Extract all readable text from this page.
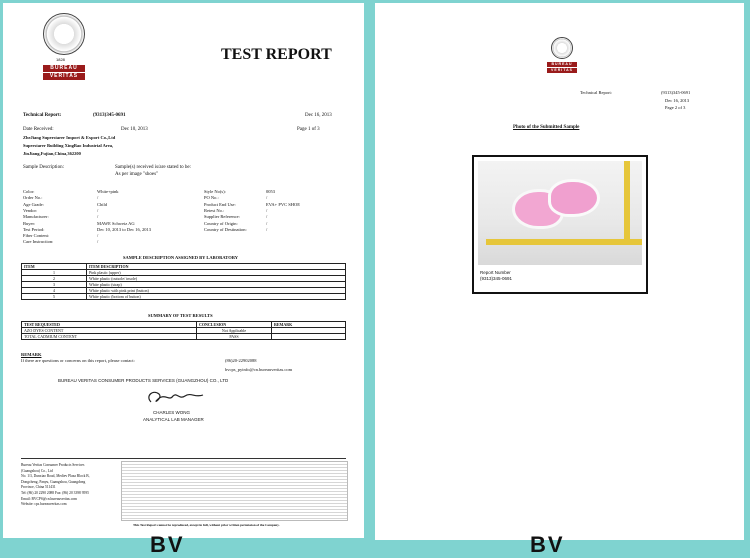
1828
BUREAU
VERITAS
TEST REPORT
Technical Report:	(9313)345-0691	Dec 16, 2013
Date Received:	Dec 10, 2013	Page 1 of 3
ZheJiang Superstarer Import & Export Co.,Ltd
Superstarer Building XingBao Industrial Area,
JinJiang,Fujian,China,362200
Sample Description:	Sample(s) received is/are stated to be:
As per image "shoes"
Color:	White+pink
Order No.:	/
Age Grade:	Child
Vendor:	/
Manufacturer:	/
Buyer:	MAWE Schweiz AG
Test Period:	Dec 10, 2013 to Dec 16, 2013
Fiber Content:	/
Care Instruction:	/
Style No(s):	0053
PO No.:	/
Product End Use:	EVA+ PVC SHOE
Retest No.:	/
Supplier Reference:	/
Country of Origin:	/
Country of Destination:	/
SAMPLE DESCRIPTION ASSIGNED BY LABORATORY
ITEM	ITEM DESCRIPTION
1	Pink plastic (upper)
2	White plastic (outsole/ insole)
3	White plastic (strap)
4	White plastic with pink print (button)
5	White plastic (bottom of button)
SUMMARY OF TEST RESULTS
TEST REQUESTED	CONCLUSION	REMARK
AZO DYES CONTENT	Not Applicable	
TOTAL CADMIUM CONTENT	PASS	
REMARK
If there are questions or concerns on this report, please contact:	(86)20-22902088
bvcps_pyinfo@cn.bureauveritas.com
BUREAU VERITAS CONSUMER PRODUCTS SERVICES (GUANGZHOU) CO., LTD
CHARLES WONG
ANALYTICAL LAB MANAGER
Bureau Veritas Consumer Products Services
(Guangzhou) Co., Ltd
No. 1/3, Dunxiao Road, Mediev Plaza Block B,
Dongcheng, Panyu, Guangzhou, Guangdong
Province, China 511431
Tel: (86) 20 2290 2088 Fax: (86) 20 3398 9595
Email: BVCPS@cn.bureauveritas.com
Website: cps.bureauveritas.com
This Test Report cannot be reproduced, except in full, without prior written permission of the Company.
BV
BUREAU
VERITAS
Technical Report:	(9313)345-0691
Dec 16, 2013
Page 2 of 3
Photo of the Submitted Sample
Report Number
(9313)345-0691
BV
